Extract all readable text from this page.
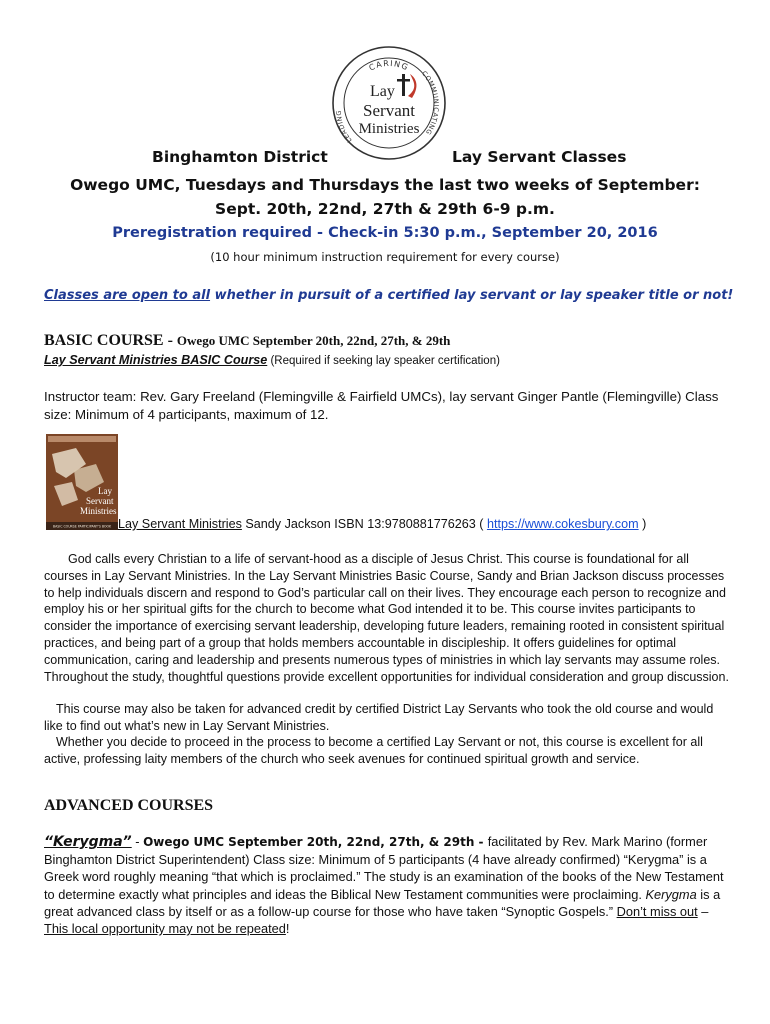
CARING
COMMUNICATING
LEADING
Lay
Servant
Ministries
Binghamton District	Lay Servant Classes
Owego UMC, Tuesdays and Thursdays the last two weeks of September:
Sept. 20th, 22nd, 27th & 29th 6-9 p.m.
Preregistration required - Check-in 5:30 p.m., September 20, 2016
(10 hour minimum instruction requirement for every course)
Classes are open to all whether in pursuit of a certified lay servant or lay speaker title or not!
BASIC COURSE - Owego UMC September 20th, 22nd, 27th, & 29th
Lay Servant Ministries BASIC Course (Required if seeking lay speaker certification)
Instructor team: Rev. Gary Freeland (Flemingville & Fairfield UMCs), lay servant Ginger Pantle (Flemingville) Class size: Minimum of 4 participants, maximum of 12.
Lay
Servant
Ministries
BASIC COURSE PARTICIPANT'S BOOK Lay Servant Ministries Sandy Jackson ISBN 13:9780881776263 ( https://www.cokesbury.com )
God calls every Christian to a life of servant-hood as a disciple of Jesus Christ. This course is foundational for all courses in Lay Servant Ministries. In the Lay Servant Ministries Basic Course, Sandy and Brian Jackson discuss processes to help individuals discern and respond to God’s particular call on their lives. They encourage each person to recognize and employ his or her spiritual gifts for the church to become what God intended it to be. This course invites participants to consider the importance of exercising servant leadership, developing future leaders, remaining rooted in consistent spiritual practices, and being part of a group that holds members accountable in discipleship. It offers guidelines for optimal communication, caring and leadership and presents numerous types of ministries in which lay servants may assume roles. Throughout the study, thoughtful questions provide excellent opportunities for individual consideration and group discussion.
This course may also be taken for advanced credit by certified District Lay Servants who took the old course and would like to find out what’s new in Lay Servant Ministries.
Whether you decide to proceed in the process to become a certified Lay Servant or not, this course is excellent for all active, professing laity members of the church who seek avenues for continued spiritual growth and service.
ADVANCED COURSES
“Kerygma” - Owego UMC September 20th, 22nd, 27th, & 29th - facilitated by Rev. Mark Marino (former Binghamton District Superintendent) Class size: Minimum of 5 participants (4 have already confirmed) “Kerygma” is a Greek word roughly meaning “that which is proclaimed.” The study is an examination of the books of the New Testament to determine exactly what principles and ideas the Biblical New Testament communities were proclaiming. Kerygma is a great advanced class by itself or as a follow-up course for those who have taken “Synoptic Gospels.” Don’t miss out – This local opportunity may not be repeated!
